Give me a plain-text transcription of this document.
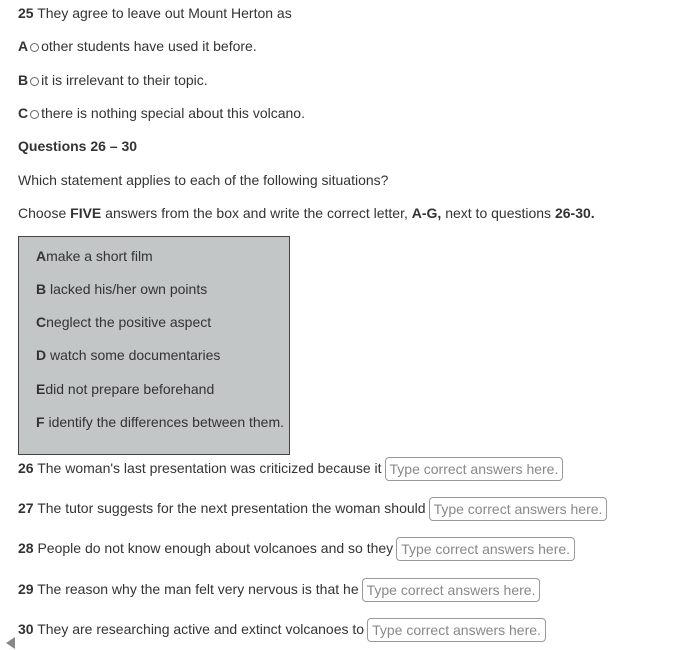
25 They agree to leave out Mount Herton as
A other students have used it before.
B it is irrelevant to their topic.
C there is nothing special about this volcano.
Questions 26 – 30
Which statement applies to each of the following situations?
Choose FIVE answers from the box and write the correct letter, A-G, next to questions 26-30.
Amake a short film
B lacked his/her own points
Cneglect the positive aspect
D watch some documentaries
Edid not prepare beforehand
F identify the differences between them.
26 The woman's last presentation was criticized because it Type correct answers here.
27 The tutor suggests for the next presentation the woman should Type correct answers here.
28 People do not know enough about volcanoes and so they Type correct answers here.
29 The reason why the man felt very nervous is that he Type correct answers here.
30 They are researching active and extinct volcanoes to Type correct answers here.
